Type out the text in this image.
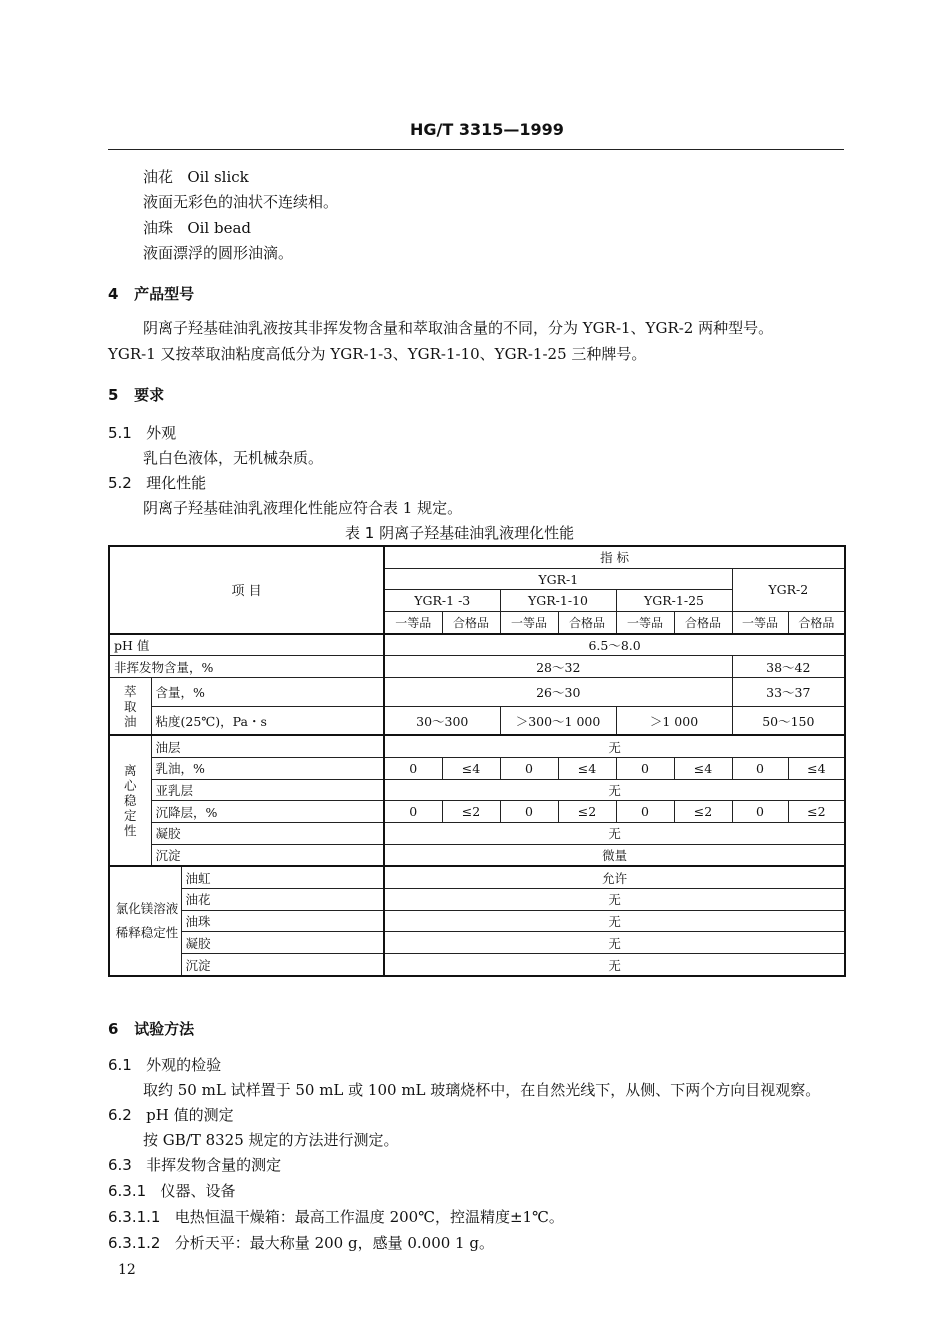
HG/T 3315—1999
油花 Oil slick
液面无彩色的油状不连续相。
油珠 Oil bead
液面漂浮的圆形油滴。
4 产品型号
阴离子羟基硅油乳液按其非挥发物含量和萃取油含量的不同，分为 YGR-1、YGR-2 两种型号。
YGR-1 又按萃取油粘度高低分为 YGR-1-3、YGR-1-10、YGR-1-25 三种牌号。
5 要求
5.1 外观
乳白色液体，无机械杂质。
5.2 理化性能
阴离子羟基硅油乳液理化性能应符合表 1 规定。
表 1 阴离子羟基硅油乳液理化性能
项 目			指 标							
			YGR-1						YGR-2	
			YGR-1 -3		YGR-1-10		YGR-1-25			
			一等品	合格品	一等品	合格品	一等品	合格品	一等品	合格品
pH 值			6.5～8.0							
非挥发物含量，%			28～32						38～42	
萃取油	含量，%		26～30						33～37	
	粘度(25℃)，Pa・s		30～300		＞300～1 000		＞1 000		50～150	
离心稳定性	油层		无							
	乳油，%		0	≤4	0	≤4	0	≤4	0	≤4
	亚乳层		无							
	沉降层，%		0	≤2	0	≤2	0	≤2	0	≤2
	凝胶		无							
	沉淀		微量							
氯化镁溶液稀释稳定性		油虹	允许							
		油花	无							
		油珠	无							
		凝胶	无							
		沉淀	无							
6 试验方法
6.1 外观的检验
取约 50 mL 试样置于 50 mL 或 100 mL 玻璃烧杯中，在自然光线下，从侧、下两个方向目视观察。
6.2 pH 值的测定
按 GB/T 8325 规定的方法进行测定。
6.3 非挥发物含量的测定
6.3.1 仪器、设备
6.3.1.1 电热恒温干燥箱：最高工作温度 200℃，控温精度±1℃。
6.3.1.2 分析天平：最大称量 200 g，感量 0.000 1 g。
12
